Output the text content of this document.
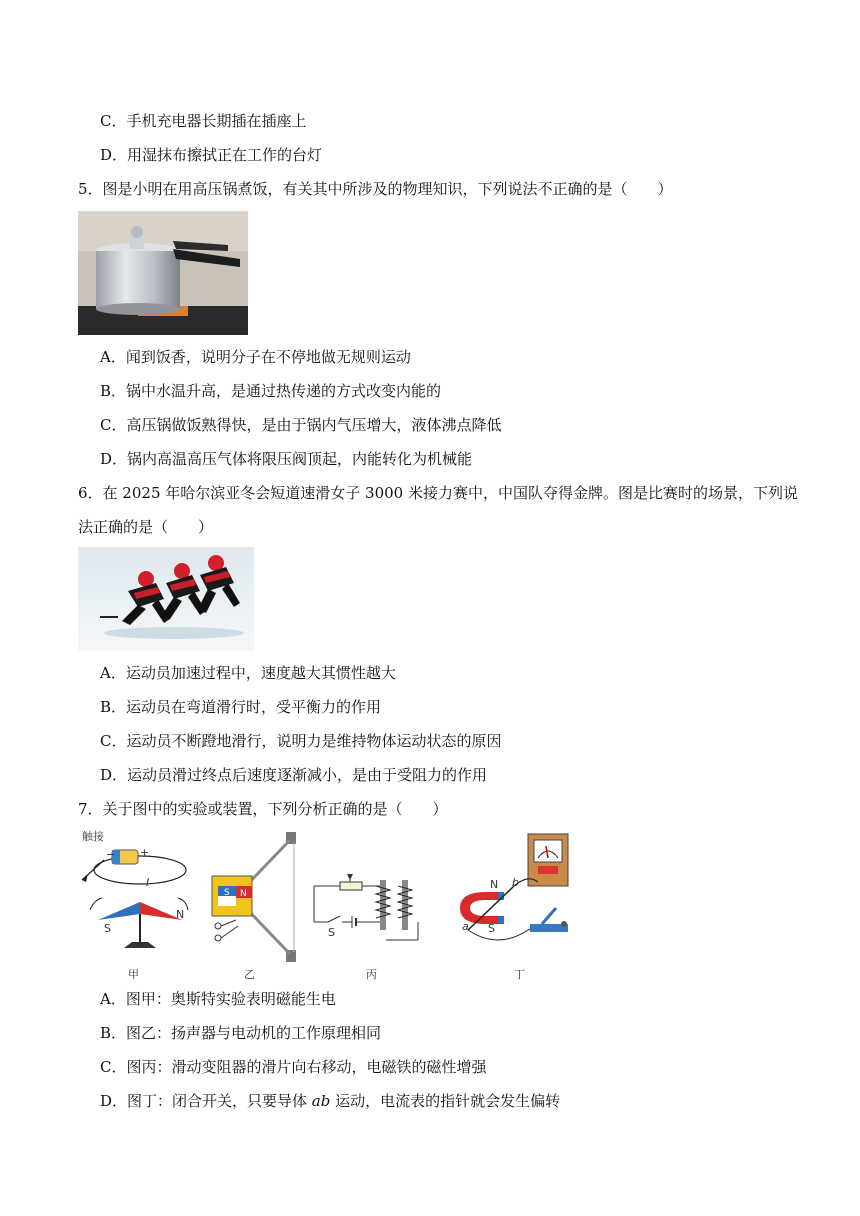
C．手机充电器长期插在插座上
D．用湿抹布擦拭正在工作的台灯
5．图是小明在用高压锅煮饭，有关其中所涉及的物理知识，下列说法不正确的是（　　）
A．闻到饭香，说明分子在不停地做无规则运动
B．锅中水温升高，是通过热传递的方式改变内能的
C．高压锅做饭熟得快，是由于锅内气压增大，液体沸点降低
D．锅内高温高压气体将限压阀顶起，内能转化为机械能
6．在 2025 年哈尔滨亚冬会短道速滑女子 3000 米接力赛中，中国队夺得金牌。图是比赛时的场景，下列说
法正确的是（　　）
A．运动员加速过程中，速度越大其惯性越大
B．运动员在弯道滑行时，受平衡力的作用
C．运动员不断蹬地滑行，说明力是维持物体运动状态的原因
D．运动员滑过终点后速度逐渐减小，是由于受阻力的作用
7．关于图中的实验或装置，下列分析正确的是（　　）
触接
+
−
I
S
N
甲
S N
乙
S
丙
N
S
a
b
丁
A．图甲：奥斯特实验表明磁能生电
B．图乙：扬声器与电动机的工作原理相同
C．图丙：滑动变阻器的滑片向右移动，电磁铁的磁性增强
D．图丁：闭合开关，只要导体 ab 运动，电流表的指针就会发生偏转
